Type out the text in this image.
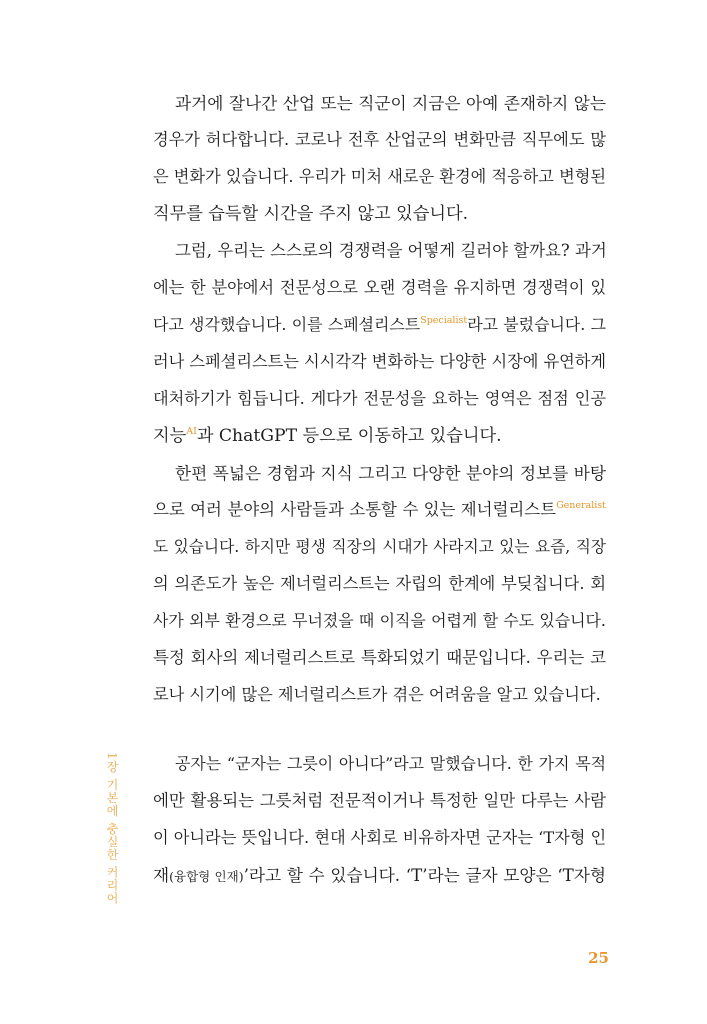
과거에 잘나간 산업 또는 직군이 지금은 아예 존재하지 않는
경우가 허다합니다. 코로나 전후 산업군의 변화만큼 직무에도 많
은 변화가 있습니다. 우리가 미처 새로운 환경에 적응하고 변형된
직무를 습득할 시간을 주지 않고 있습니다.
그럼, 우리는 스스로의 경쟁력을 어떻게 길러야 할까요? 과거
에는 한 분야에서 전문성으로 오랜 경력을 유지하면 경쟁력이 있
다고 생각했습니다. 이를 스페셜리스트$^{Specialist}$라고 불렀습니다. 그
러나 스페셜리스트는 시시각각 변화하는 다양한 시장에 유연하게
대처하기가 힘듭니다. 게다가 전문성을 요하는 영역은 점점 인공
지능$^{AI}$과 ChatGPT 등으로 이동하고 있습니다.
한편 폭넓은 경험과 지식 그리고 다양한 분야의 정보를 바탕
으로 여러 분야의 사람들과 소통할 수 있는 제너럴리스트$^{Generalist}$
도 있습니다. 하지만 평생 직장의 시대가 사라지고 있는 요즘, 직장
의 의존도가 높은 제너럴리스트는 자립의 한계에 부딪칩니다. 회
사가 외부 환경으로 무너졌을 때 이직을 어렵게 할 수도 있습니다.
특정 회사의 제너럴리스트로 특화되었기 때문입니다. 우리는 코
로나 시기에 많은 제너럴리스트가 겪은 어려움을 알고 있습니다.
1장 기본에 충실한 커리어	공자는 “군자는 그릇이 아니다”라고 말했습니다. 한 가지 목적
에만 활용되는 그릇처럼 전문적이거나 특정한 일만 다루는 사람
이 아니라는 뜻입니다. 현대 사회로 비유하자면 군자는 ‘T자형 인
재(융합형 인재)’라고 할 수 있습니다. ‘T’라는 글자 모양은 ‘T자형
25
